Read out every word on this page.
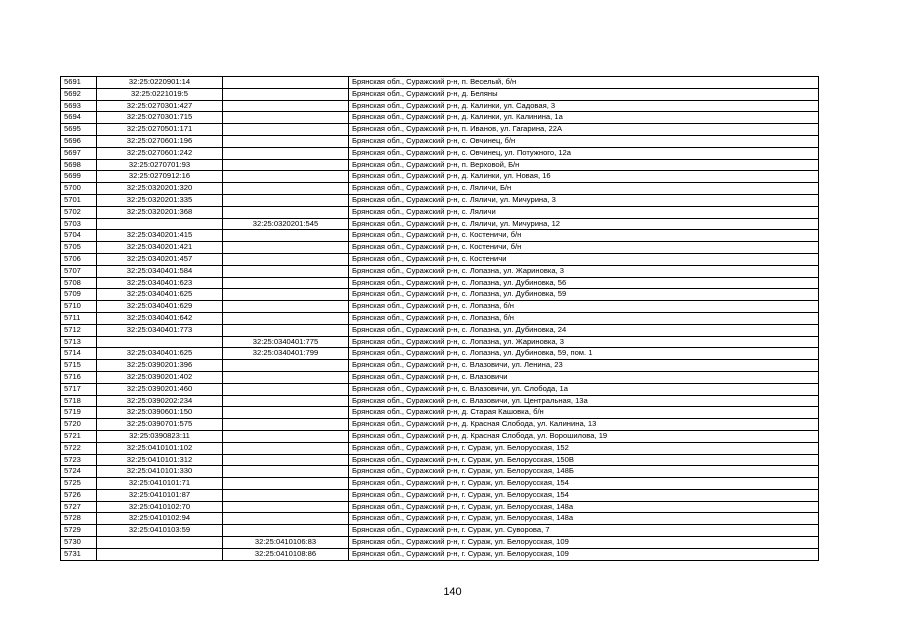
5691	32:25:0220901:14		Брянская обл., Суражский р-н, п. Веселый, б/н
5692	32:25:0221019:5		Брянская обл., Суражский р-н, д. Беляны
5693	32:25:0270301:427		Брянская обл., Суражский р-н, д. Калинки, ул. Садовая, 3
5694	32:25:0270301:715		Брянская обл., Суражский р-н, д. Калинки, ул. Калинина, 1а
5695	32:25:0270501:171		Брянская обл., Суражский р-н, п. Иванов, ул. Гагарина, 22А
5696	32:25:0270601:196		Брянская обл., Суражский р-н, с. Овчинец, б/н
5697	32:25:0270601:242		Брянская обл., Суражский р-н, с. Овчинец, ул. Потужного, 12а
5698	32:25:0270701:93		Брянская обл., Суражский р-н, п. Верховой, Б/н
5699	32:25:0270912:16		Брянская обл., Суражский р-н, д. Калинки, ул. Новая, 16
5700	32:25:0320201:320		Брянская обл., Суражский р-н, с. Ляличи, Б/н
5701	32:25:0320201:335		Брянская обл., Суражский р-н, с. Ляличи, ул. Мичурина, 3
5702	32:25:0320201:368		Брянская обл., Суражский р-н, с. Ляличи
5703		32:25:0320201:545	Брянская обл., Суражский р-н, с. Ляличи, ул. Мичурина, 12
5704	32:25:0340201:415		Брянская обл., Суражский р-н, с. Костеничи, б/н
5705	32:25:0340201:421		Брянская обл., Суражский р-н, с. Костеничи, б/н
5706	32:25:0340201:457		Брянская обл., Суражский р-н, с. Костеничи
5707	32:25:0340401:584		Брянская обл., Суражский р-н, с. Лопазна, ул. Жариновка, 3
5708	32:25:0340401:623		Брянская обл., Суражский р-н, с. Лопазна, ул. Дубиновка, 56
5709	32:25:0340401:625		Брянская обл., Суражский р-н, с. Лопазна, ул. Дубиновка, 59
5710	32:25:0340401:629		Брянская обл., Суражский р-н, с. Лопазна, б/н
5711	32:25:0340401:642		Брянская обл., Суражский р-н, с. Лопазна, б/н
5712	32:25:0340401:773		Брянская обл., Суражский р-н, с. Лопазна, ул. Дубиновка, 24
5713		32:25:0340401:775	Брянская обл., Суражский р-н, с. Лопазна, ул. Жариновка, 3
5714	32:25:0340401:625	32:25:0340401:799	Брянская обл., Суражский р-н, с. Лопазна, ул. Дубиновка, 59, пом. 1
5715	32:25:0390201:396		Брянская обл., Суражский р-н, с. Влазовичи, ул. Ленина, 23
5716	32:25:0390201:402		Брянская обл., Суражский р-н, с. Влазовичи
5717	32:25:0390201:460		Брянская обл., Суражский р-н, с. Влазовичи, ул. Слобода, 1а
5718	32:25:0390202:234		Брянская обл., Суражский р-н, с. Влазовичи, ул. Центральная, 13а
5719	32:25:0390601:150		Брянская обл., Суражский р-н, д. Старая Кашовка, б/н
5720	32:25:0390701:575		Брянская обл., Суражский р-н, д. Красная Слобода, ул. Калинина, 13
5721	32:25:0390823:11		Брянская обл., Суражский р-н, д. Красная Слобода, ул. Ворошилова, 19
5722	32:25:0410101:102		Брянская обл., Суражский р-н, г. Сураж, ул. Белорусская, 152
5723	32:25:0410101:312		Брянская обл., Суражский р-н, г. Сураж, ул. Белорусская, 150В
5724	32:25:0410101:330		Брянская обл., Суражский р-н, г. Сураж, ул. Белорусская, 148Б
5725	32:25:0410101:71		Брянская обл., Суражский р-н, г. Сураж, ул. Белорусская, 154
5726	32:25:0410101:87		Брянская обл., Суражский р-н, г. Сураж, ул. Белорусская, 154
5727	32:25:0410102:70		Брянская обл., Суражский р-н, г. Сураж, ул. Белорусская, 148а
5728	32:25:0410102:94		Брянская обл., Суражский р-н, г. Сураж, ул. Белорусская, 148а
5729	32:25:0410103:59		Брянская обл., Суражский р-н, г. Сураж, ул. Суворова, 7
5730		32:25:0410106:83	Брянская обл., Суражский р-н, г. Сураж, ул. Белорусская, 109
5731		32:25:0410108:86	Брянская обл., Суражский р-н, г. Сураж, ул. Белорусская, 109
140
